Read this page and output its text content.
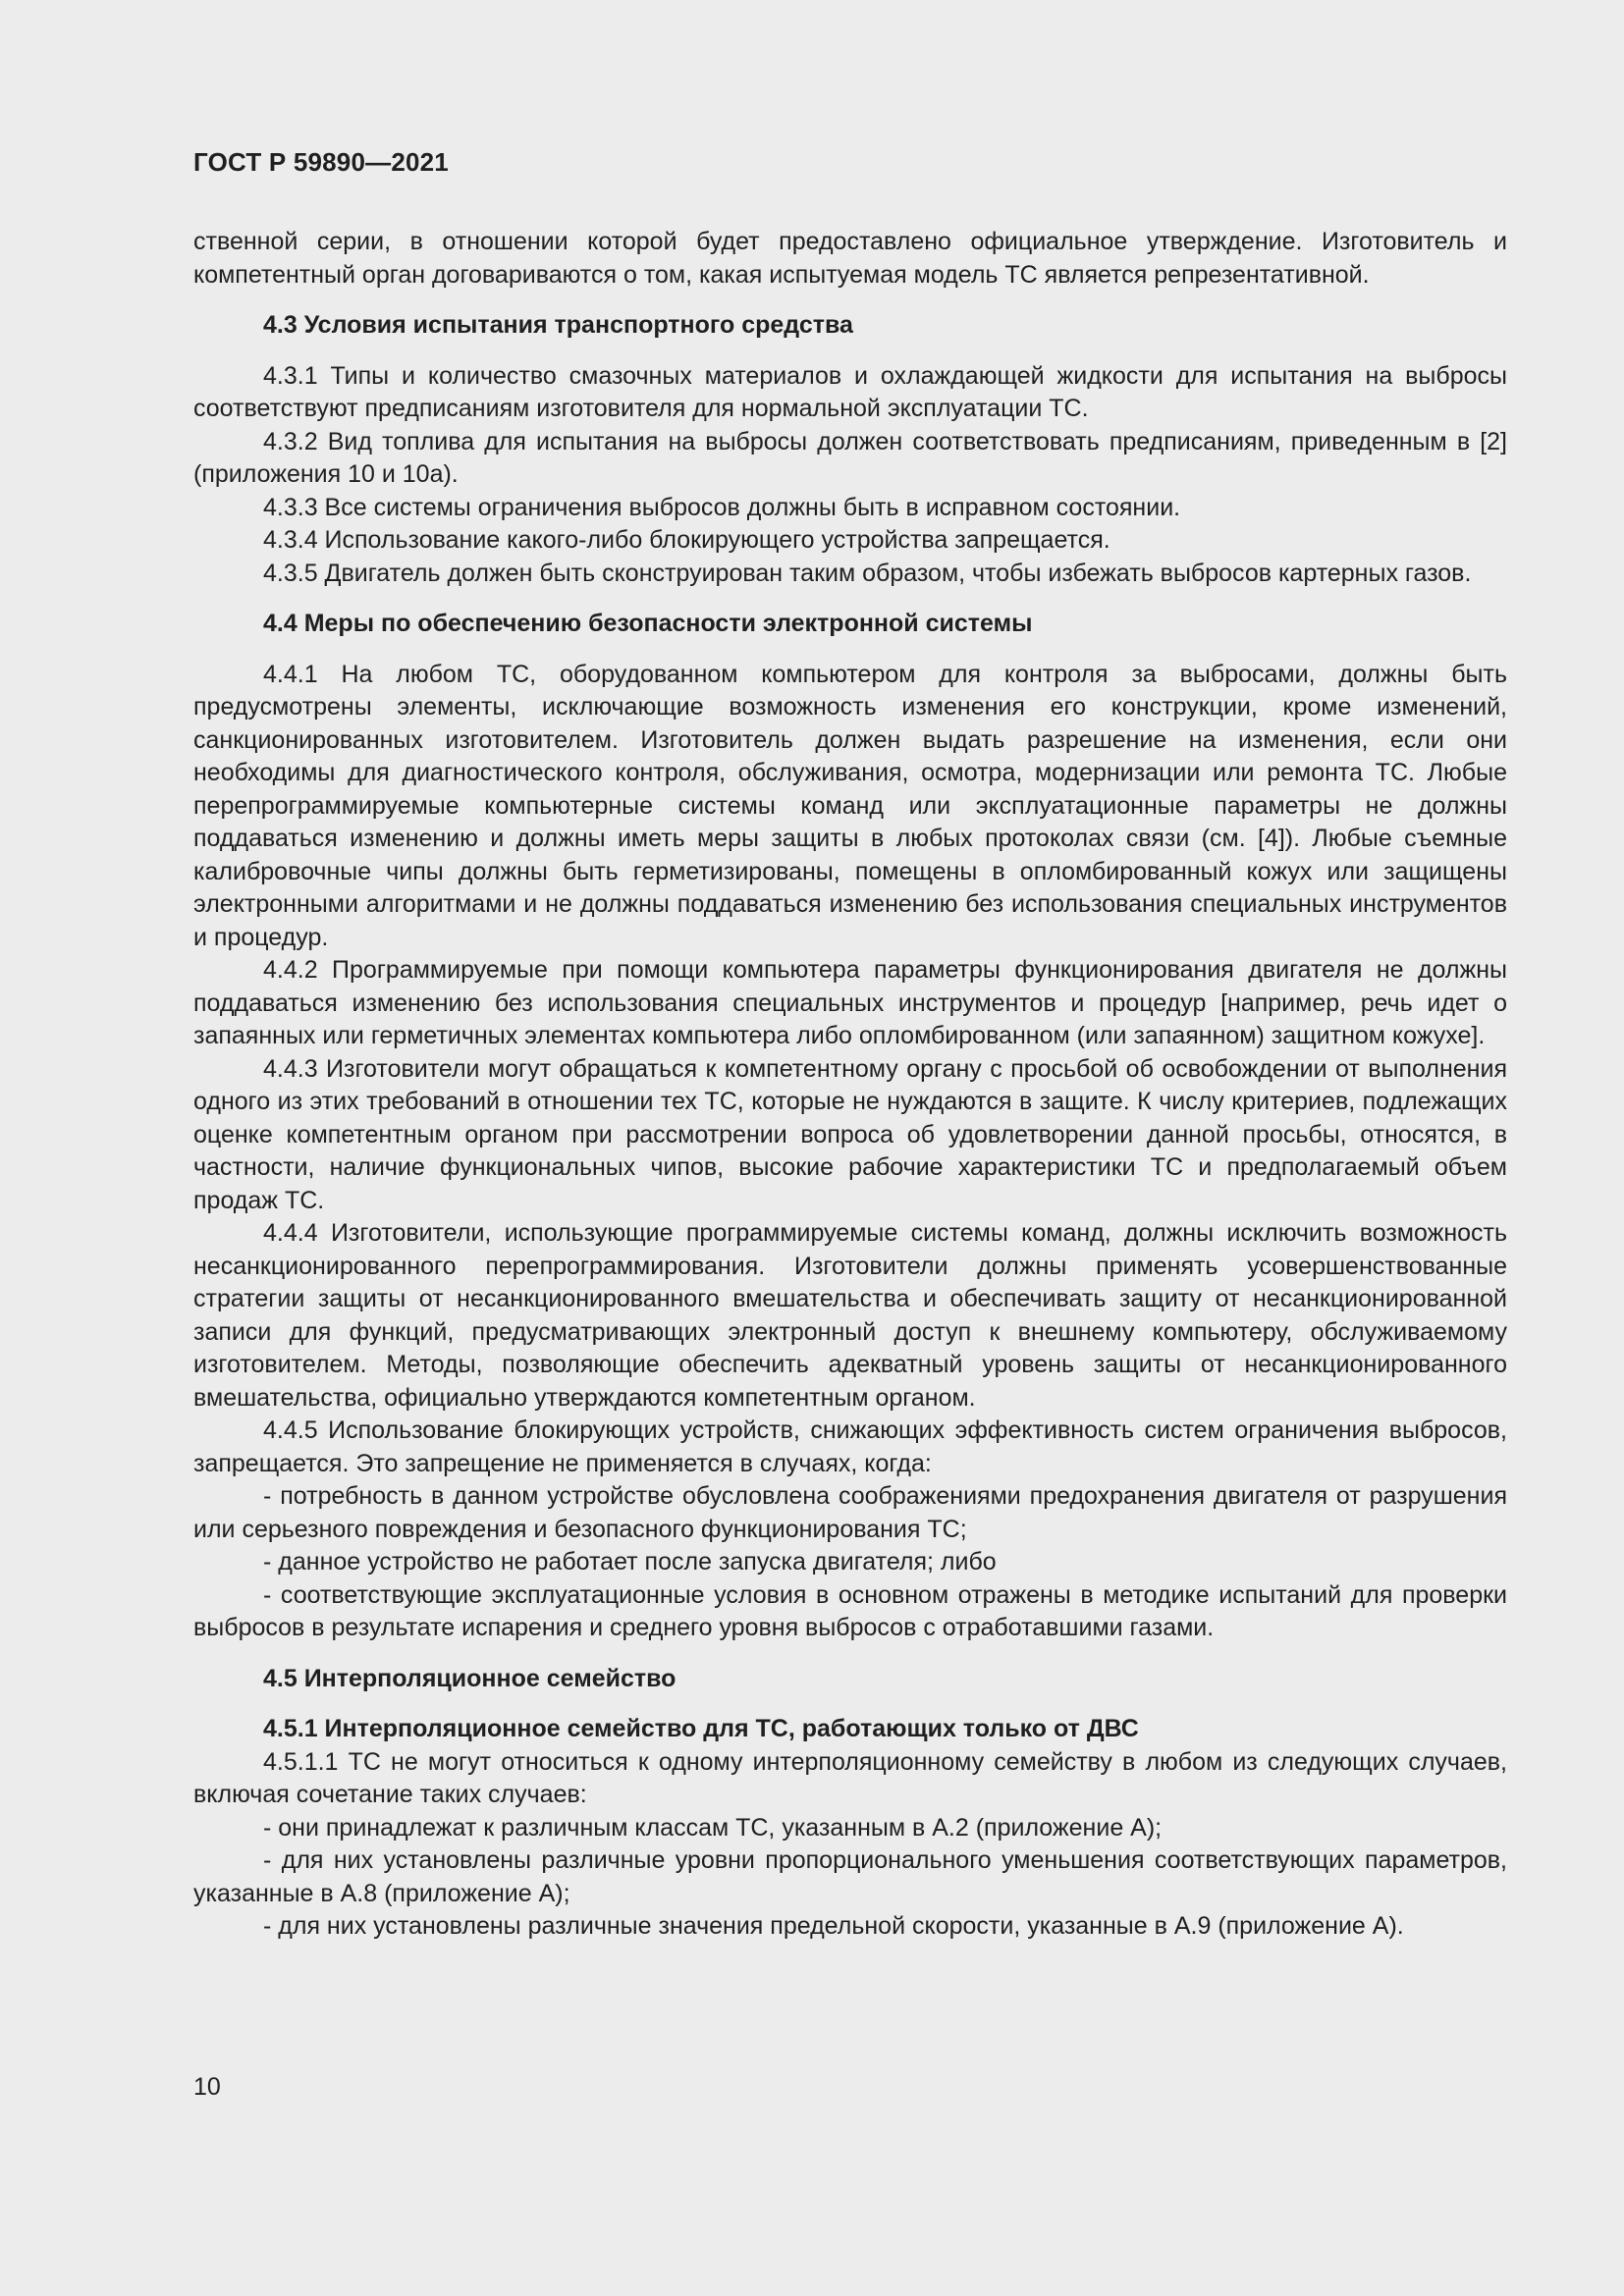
ГОСТ Р 59890—2021

ственной серии, в отношении которой будет предоставлено официальное утверждение. Изготовитель и компетентный орган договариваются о том, какая испытуемая модель ТС является репрезентативной.

4.3 Условия испытания транспортного средства

4.3.1 Типы и количество смазочных материалов и охлаждающей жидкости для испытания на выбросы соответствуют предписаниям изготовителя для нормальной эксплуатации ТС.

4.3.2 Вид топлива для испытания на выбросы должен соответствовать предписаниям, приведенным в [2] (приложения 10 и 10а).

4.3.3 Все системы ограничения выбросов должны быть в исправном состоянии.

4.3.4 Использование какого-либо блокирующего устройства запрещается.

4.3.5 Двигатель должен быть сконструирован таким образом, чтобы избежать выбросов картерных газов.

4.4 Меры по обеспечению безопасности электронной системы

4.4.1 На любом ТС, оборудованном компьютером для контроля за выбросами, должны быть предусмотрены элементы, исключающие возможность изменения его конструкции, кроме изменений, санкционированных изготовителем. Изготовитель должен выдать разрешение на изменения, если они необходимы для диагностического контроля, обслуживания, осмотра, модернизации или ремонта ТС. Любые перепрограммируемые компьютерные системы команд или эксплуатационные параметры не должны поддаваться изменению и должны иметь меры защиты в любых протоколах связи (см. [4]). Любые съемные калибровочные чипы должны быть герметизированы, помещены в опломбированный кожух или защищены электронными алгоритмами и не должны поддаваться изменению без использования специальных инструментов и процедур.

4.4.2 Программируемые при помощи компьютера параметры функционирования двигателя не должны поддаваться изменению без использования специальных инструментов и процедур [например, речь идет о запаянных или герметичных элементах компьютера либо опломбированном (или запаянном) защитном кожухе].

4.4.3 Изготовители могут обращаться к компетентному органу с просьбой об освобождении от выполнения одного из этих требований в отношении тех ТС, которые не нуждаются в защите. К числу критериев, подлежащих оценке компетентным органом при рассмотрении вопроса об удовлетворении данной просьбы, относятся, в частности, наличие функциональных чипов, высокие рабочие характеристики ТС и предполагаемый объем продаж ТС.

4.4.4 Изготовители, использующие программируемые системы команд, должны исключить возможность несанкционированного перепрограммирования. Изготовители должны применять усовершенствованные стратегии защиты от несанкционированного вмешательства и обеспечивать защиту от несанкционированной записи для функций, предусматривающих электронный доступ к внешнему компьютеру, обслуживаемому изготовителем. Методы, позволяющие обеспечить адекватный уровень защиты от несанкционированного вмешательства, официально утверждаются компетентным органом.

4.4.5 Использование блокирующих устройств, снижающих эффективность систем ограничения выбросов, запрещается. Это запрещение не применяется в случаях, когда:

- потребность в данном устройстве обусловлена соображениями предохранения двигателя от разрушения или серьезного повреждения и безопасного функционирования ТС;

- данное устройство не работает после запуска двигателя; либо

- соответствующие эксплуатационные условия в основном отражены в методике испытаний для проверки выбросов в результате испарения и среднего уровня выбросов с отработавшими газами.

4.5 Интерполяционное семейство

4.5.1 Интерполяционное семейство для ТС, работающих только от ДВС

4.5.1.1 ТС не могут относиться к одному интерполяционному семейству в любом из следующих случаев, включая сочетание таких случаев:

- они принадлежат к различным классам ТС, указанным в А.2 (приложение А);

- для них установлены различные уровни пропорционального уменьшения соответствующих параметров, указанные в А.8 (приложение А);

- для них установлены различные значения предельной скорости, указанные в А.9 (приложение А).

10
